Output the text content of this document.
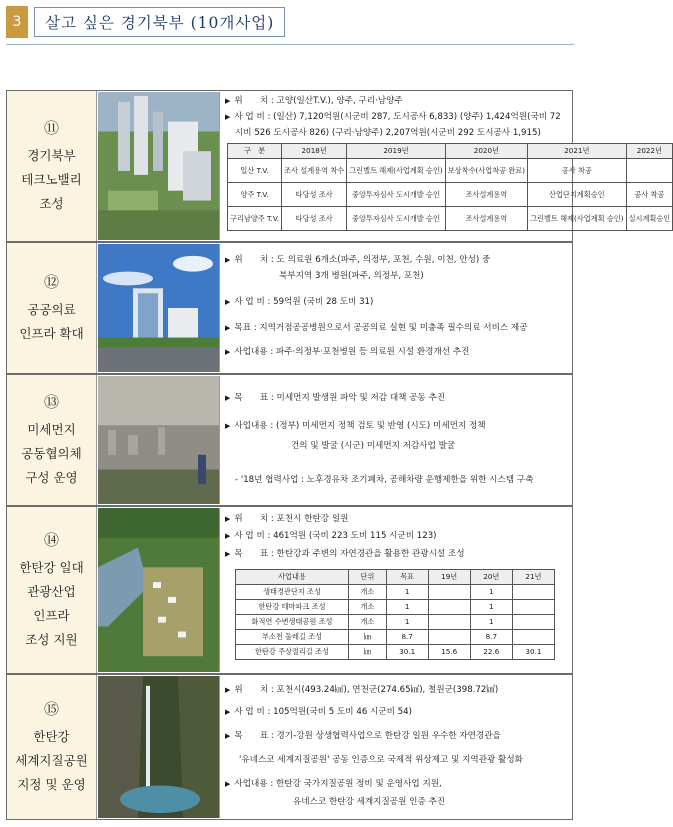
3	살고 싶은 경기북부 (10개사업)
⑪
경기북부
테크노밸리
조성
▶ 위　　치 : 고양(일산T.V.), 양주, 구리·남양주
▶ 사 업 비 : (일산) 7,120억원(시군비 287, 도시공사 6,833) (양주) 1,424억원(국비 72
시비 526 도시공사 826) (구리·남양주) 2,207억원(시군비 292 도시공사 1,915)
구　분	2018년	2019년	2020년	2021년	2022년
일산 T.V.	조사 설계용역 착수	그린벨트 해제(사업계획 승인)	보상착수(사업착공 완료)	공사 착공	
양주 T.V.	타당성 조사	중앙투자심사 도시개발 승인	조사설계용역	산업단지계획승인	공사 착공
구리남양주 T.V.	타당성 조사	중앙투자심사 도시개발 승인	조사설계용역	그린벨트 해제(사업계획 승인)	실시계획승인
⑫
공공의료
인프라 확대
▶ 위　　치 : 도 의료원 6개소(파주, 의정부, 포천, 수원, 이천, 안성) 중
북부지역 3개 병원(파주, 의정부, 포천)
▶ 사 업 비 : 59억원 (국비 28 도비 31)
▶ 목표 : 지역거점공공병원으로서 공공의료 실현 및 미충족 필수의료 서비스 제공
▶ 사업내용 : 파주·의정부·포천병원 등 의료원 시설 환경개선 추진
⑬
미세먼지
공동협의체
구성 운영
▶ 목　　표 : 미세먼지 발생원 파악 및 저감 대책 공동 추진
▶ 사업내용 : (정부) 미세먼지 정책 검토 및 반영 (시도) 미세먼지 정책
건의 및 발굴 (시군) 미세먼지 저감사업 발굴
- '18년 협력사업 : 노후경유차 조기폐차, 공해차량 운행제한을 위한 시스템 구축
⑭
한탄강 일대
관광산업
인프라
조성 지원
▶ 위　　치 : 포천시 한탄강 일원
▶ 사 업 비 : 461억원 (국비 223 도비 115 시군비 123)
▶ 목　　표 : 한탄강과 주변의 자연경관을 활용한 관광시설 조성
사업내용	단위	목표	19년	20년	21년
생태경관단지 조성	개소	1		1	
한탄강 테마파크 조성	개소	1		1	
화적연 수변생태공원 조성	개소	1		1	
부소천 둘레길 조성	㎞	8.7		8.7	
한탄강 주상절리길 조성	㎞	30.1	15.6	22.6	30.1
⑮
한탄강
세계지질공원
지정 및 운영
▶ 위　　치 : 포천시(493.24㎢), 연천군(274.65㎢), 철원군(398.72㎢)
▶ 사 업 비 : 105억원(국비 5 도비 46 시군비 54)
▶ 목　　표 : 경기-강원 상생협력사업으로 한탄강 일원 우수한 자연경관을
'유네스코 세계지질공원' 공동 인증으로 국제적 위상제고 및 지역관광 활성화
▶ 사업내용 : 한탄강 국가지질공원 정비 및 운영사업 지원,
유네스코 한탄강 세계지질공원 인증 추진
